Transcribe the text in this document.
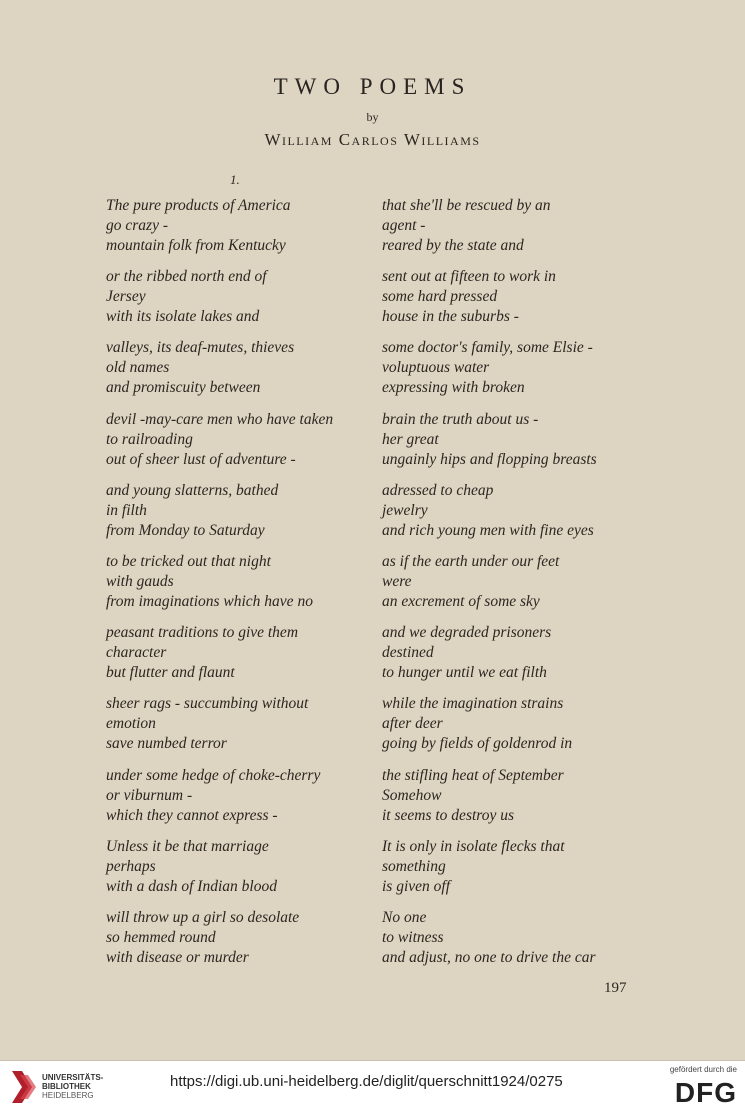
TWO POEMS
by
William Carlos Williams
1.
The pure products of America
go crazy -
mountain folk from Kentucky
or the ribbed north end of
Jersey
with its isolate lakes and
valleys, its deaf-mutes, thieves
old names
and promiscuity between
devil -may-care men who have taken
to railroading
out of sheer lust of adventure -
and young slatterns, bathed
in filth
from Monday to Saturday
to be tricked out that night
with gauds
from imaginations which have no
peasant traditions to give them
character
but flutter and flaunt
sheer rags - succumbing without
emotion
save numbed terror
under some hedge of choke-cherry
or viburnum -
which they cannot express -
Unless it be that marriage
perhaps
with a dash of Indian blood
will throw up a girl so desolate
so hemmed round
with disease or murder
that she'll be rescued by an
agent -
reared by the state and
sent out at fifteen to work in
some hard pressed
house in the suburbs -
some doctor's family, some Elsie -
voluptuous water
expressing with broken
brain the truth about us -
her great
ungainly hips and flopping breasts
adressed to cheap
jewelry
and rich young men with fine eyes
as if the earth under our feet
were
an excrement of some sky
and we degraded prisoners
destined
to hunger until we eat filth
while the imagination strains
after deer
going by fields of goldenrod in
the stifling heat of September
Somehow
it seems to destroy us
It is only in isolate flecks that
something
is given off
No one
to witness
and adjust, no one to drive the car
197
UNIVERSITÄTS-
BIBLIOTHEK
HEIDELBERG
https://digi.ub.uni-heidelberg.de/diglit/querschnitt1924/0275
gefördert durch die
DFG
